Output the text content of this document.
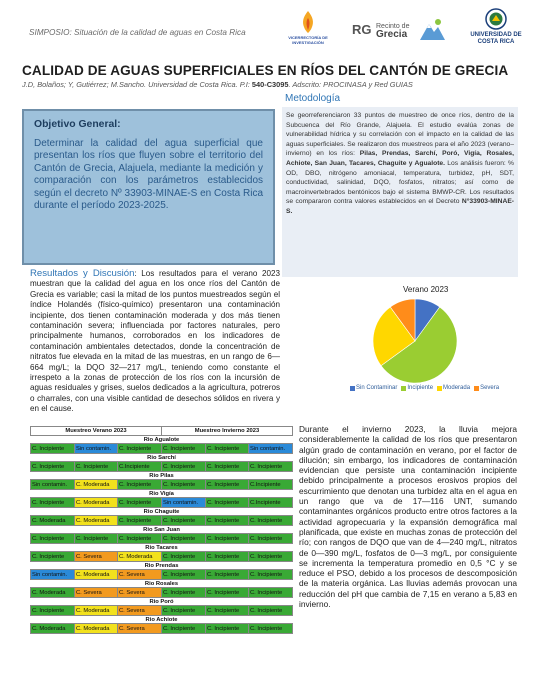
SIMPOSIO: Situación de la calidad de aguas en Costa Rica
VICERRECTORÍA DE INVESTIGACIÓN
RG Recinto de
Grecia	UNIVERSIDAD DE COSTA RICA
CALIDAD DE AGUAS SUPERFICIALES EN RÍOS DEL CANTÓN DE GRECIA
J.D, Bolaños; Y, Gutiérrez; M.Sancho. Universidad de Costa Rica. P.I: 540-C3095. Adscrito: PROCINASA y Red GUIAS
Objetivo General:
Determinar la calidad del agua superficial que presentan los ríos que fluyen sobre el territorio del Cantón de Grecia, Alajuela, mediante la medición y comparación con los parámetros establecidos según el decreto Nº 33903-MINAE-S en Costa Rica durante el período 2023-2025.
Metodología
Se georreferenciaron 33 puntos de muestreo de once ríos, dentro de la Subcuenca del Río Grande, Alajuela. El estudio evalúa zonas de vulnerabilidad hídrica y su correlación con el impacto en la calidad de las aguas superficiales. Se realizaron dos muestreos para el año 2023 (verano– invierno) en los ríos: Pilas, Prendas, Sarchí, Poró, Vigía, Rosales, Achiote, San Juan, Tacares, Chaguite y Agualote. Los análisis fueron: % OD, DBO, nitrógeno amoniacal, temperatura, turbidez, pH, SDT, conductividad, salinidad, DQO, fosfatos, nitratos; así como de macroinvertebrados bentónicos bajo el sistema BMWP-CR. Los resultados se compararon contra valores establecidos en el Decreto N°33903-MINAE-S.
Resultados y Discusión: Los resultados para el verano 2023 muestran que la calidad del agua en los once ríos del Cantón de Grecia es variable; casi la mitad de los puntos muestreados según el índice Holandés (físico-químico) presentaron una contaminación incipiente, dos tienen contaminación moderada y dos más tienen contaminación severa; influenciada por factores naturales, pero principalmente humanos, corroborados en los indicadores de contaminación ambientales detectados, donde la concentración de nitratos fue elevada en la mitad de las muestras, en un rango de 6—664 mg/L; la DQO 32—217 mg/L, teniendo como constante el irrespeto a la zonas de protección de los ríos con la incursión de aguas residuales y grises, suelos dedicados a la agricultura, potreros o charrales, con una visible cantidad de desechos sólidos en rivera y en el cause.
Verano 2023
Sin Contaminar Incipiente Moderada Severa
Muestreo Verano 2023			Muestreo Invierno 2023		
Rio Agualote					
C. Incipiente	Sin contamin.	C. Incipiente	C. Incipiente	C. Incipiente	Sin contamin.
Rio Sarchí					
C. Incipiente	C. Incipiente	C.Incipiente	C. Incipiente	C. Incipiente	C. Incipiente
Rio Pilas					
Sin contamin.	C. Moderada	C. Incipiente	C. Incipiente	C. Incipiente	C.Incipiente
Rio Vigía					
C. Incipiente	C. Moderada	C. Incipiente	Sin contamin.	C. Incipiente	C.Incipiente
Rio Chaguite					
C. Moderada	C. Moderada	C. Incipiente	C. Incipiente	C. Incipiente	C. Incipiente
Rio San Juan					
C. Incipiente	C. Incipiente	C. Incipiente	C. Incipiente	C. Incipiente	C. Incipiente
Rio Tacares					
C. Incipiente	C. Severa	C. Moderada	C. Incipiente	C. Incipiente	C. Incipiente
Rio Prendas					
Sin contamin.	C. Moderada	C. Severa	C. Incipiente	C. Incipiente	C. Incipiente
Rio Rosales					
C. Moderada	C. Severa	C. Severa	C. Incipiente	C. Incipiente	C. Incipiente
Rio Poró					
C. Incipiente	C. Moderada	C. Severa	C. Incipiente	C. Incipiente	C. Incipiente
Rio Achiote					
C. Moderada	C. Moderada	C. Severa	C. Incipiente	C. Incipiente	C. Incipiente
Durante el invierno 2023, la lluvia mejora considerablemente la calidad de los ríos que presentaron algún grado de contaminación en verano, por el factor de dilución; sin embargo, los indicadores de contaminación evidencian que persiste una contaminación incipiente debido principalmente a procesos erosivos propios del escurrimiento que denotan una turbidez alta en el agua en un rango que va de 17—116 UNT, sumando contaminantes orgánicos producto entre otros factores a la actividad agropecuaria y la expansión demográfica mal planificada, que existe en muchas zonas de protección del río; con rangos de DQO que van de 4—240 mg/L, nitratos de 0—390 mg/L, fosfatos de 0—3 mg/L, por consiguiente se incrementa la temperatura promedio en 0,5 °C y se reduce el PSO, debido a los procesos de descomposición de la materia orgánica. Las lluvias además provocan una reducción del pH que cambia de 7,15 en verano a 5,83 en invierno.
